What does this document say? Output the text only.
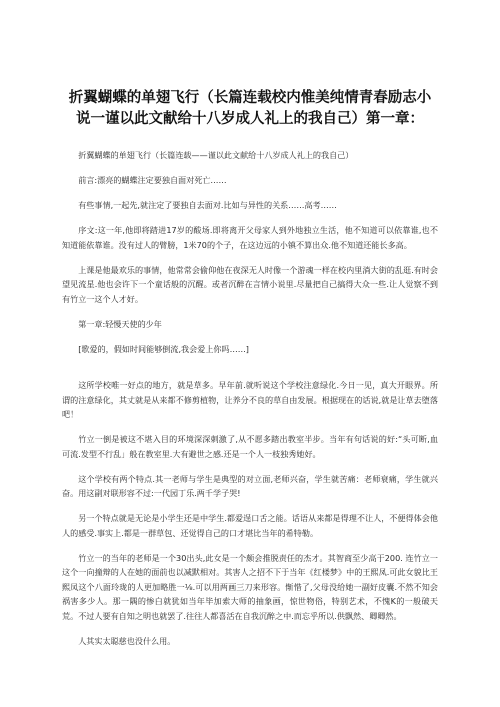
折翼蝴蝶的单翅飞行（长篇连载校内惟美纯情青春励志小说一谨以此文献给十八岁成人礼上的我自己）第一章：

折翼蝴蝶的单翅飞行（长篇连载——谨以此文献给十八岁成人礼上的我自己）

前言:漂亮的蝴蝶注定要独自面对死亡……

有些事情,一起先,就注定了要独自去面对.比如与异性的关系……高考……

序文:这一年,他即将踏进17岁的酸场.即将离开父母家人到外地独立生活，他不知道可以依靠谁,也不知道能依靠谁。没有过人的臂膀，1米70的个子，在这边远的小镇不算出众.他不知道还能长多高。

上课是他最欢乐的事情，他常常会偷仰他在夜深无人时像一个游魂一样在校内里淌大街的乱逛.有时会望见流星.他也会许下一个童话般的沉醒。或者沉醉在言情小说里.尽量把自己搞得大众一些.让人觉察不到有竹立一这个人才好。

第一章:轻慢天使的少年

[歌爱的，假如时间能够倒流,我会爱上你吗……]

这所学校唯一好点的地方，就是草多。早年前.就听说这个学校注意绿化.今日一见，真大开眼界。所谓的注意绿化，其丈就是从来都不修剪植物，让养分不良的草自由发展。根据现在的话说,就是让草去堕落吧！

竹立一倒是被这不堪入目的环境深深刺激了,从不愿多踏出教室半步。当年有句话说的好:“头可断,血可流.发型不行乱」般在教室里.大有避世之感.还是一个人一枝独秀她好。

这个学校有两个特点.其一老师与学生是典型的对立面,老师兴奋，学生就苦痛：老师衰痛，学生就兴奋。用这副对联形容不过:一代园丁乐.两千学子哭!

另一个特点就是无论是小学生还是中学生.都爱逞口舌之能。话语从来都是得理不让人，不便得体会他人的感受.事实上.都是一群草包、还觉得自己的口才堪比当年的希特勒。

竹立一的当年的老师是一个30出头,此女是一个颇会推脱责任的杰才。其智商至少高于200. 连竹立一这个一向撞辩的人在她的面前也以减默相对。其害人之招不下于当年《红楼梦》中的王熙凤.可此女貌比王熙凤这个八面玲珑的人更加略胜一⅛.可以用两画三刀来形容。惭惜了,父母没给她一副好皮囊.不然不知会祸害多少人。那一隅的惨白就犹如当年毕加索大师的抽象画，惊世物俗，特别艺术，不愧K的一般破天荒。不过人要有自知之明也就罢了.往往人都喜活在自我沉醉之中.而忘乎所以.供飘然、卿卿然。

人其实太聪慈也没什么用。
